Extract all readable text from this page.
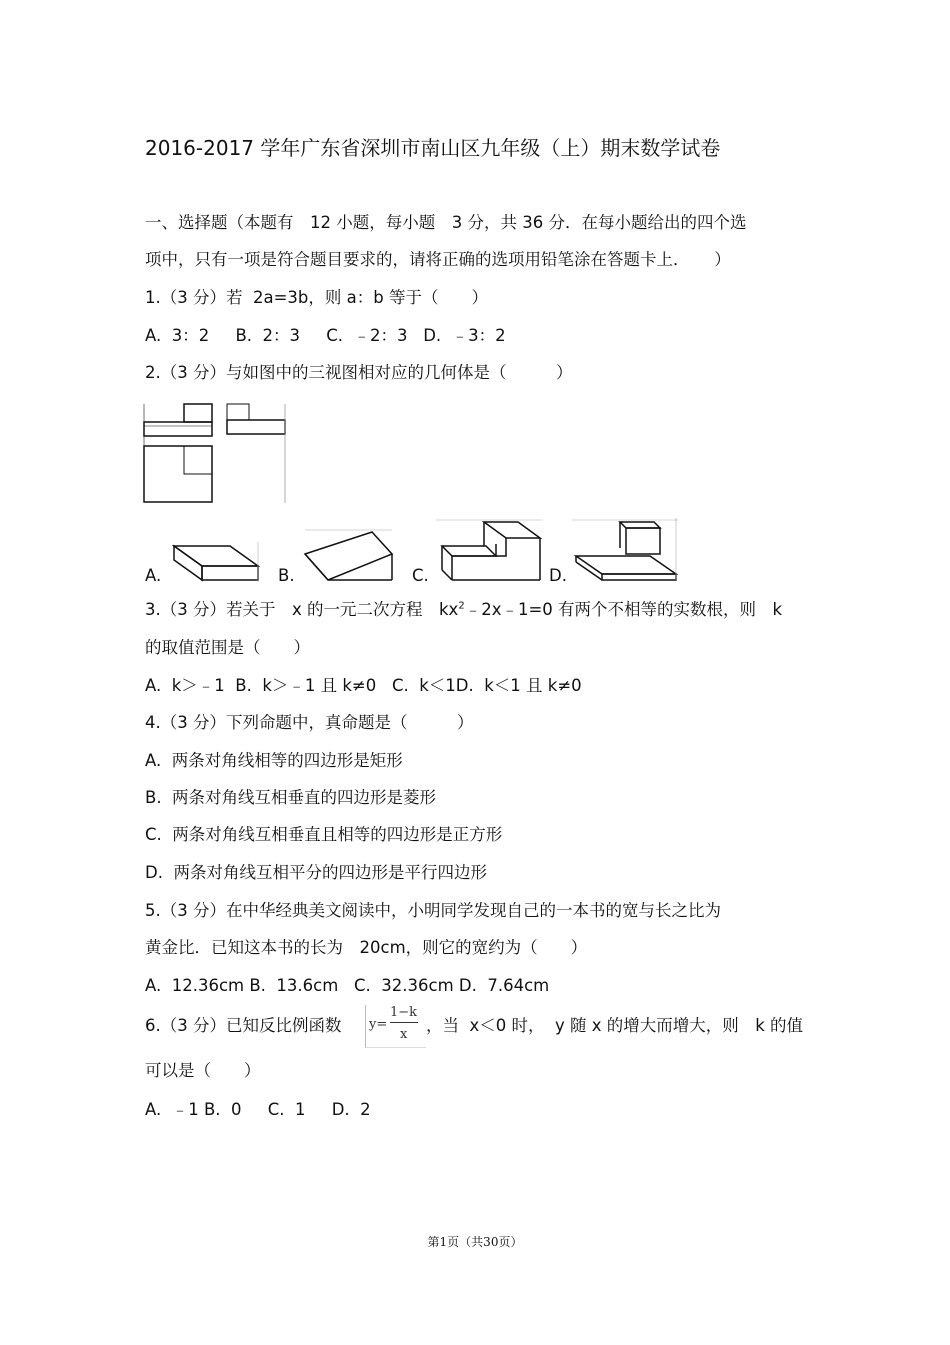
2016-2017 学年广东省深圳市南山区九年级（上）期末数学试卷
一、选择题（本题有　12 小题，每小题　3 分，共 36 分．在每小题给出的四个选
项中，只有一项是符合题目要求的，请将正确的选项用铅笔涂在答题卡上．　　）
1.（3 分）若  2a=3b，则 a：b 等于（　　）
A.  3：2     B.  2：3     C.  ﹣2：3   D.  ﹣3：2
2.（3 分）与如图中的三视图相对应的几何体是（　　　）
A.	B.	C.	D.
3.（3 分）若关于　x 的一元二次方程　$kx^2﹣2x﹣1=0$ 有两个不相等的实数根，则　k
的取值范围是（　　）
A.  k＞﹣1  B.  k＞﹣1 且 k≠0   C.  k＜1D.  k＜1 且 k≠0
4.（3 分）下列命题中，真命题是（　　　）
A.  两条对角线相等的四边形是矩形
B.  两条对角线互相垂直的四边形是菱形
C.  两条对角线互相垂直且相等的四边形是正方形
D.  两条对角线互相平分的四边形是平行四边形
5.（3 分）在中华经典美文阅读中，小明同学发现自己的一本书的宽与长之比为
黄金比．已知这本书的长为　20cm，则它的宽约为（　　）
A.  12.36cm B.  13.6cm   C.  32.36cm D.  7.64cm
6.（3 分）已知反比例函数 y=
1−k
x ，当  x＜0 时，  y 随 x 的增大而增大，则　k 的值
可以是（　　）
A.  ﹣1 B.  0     C.  1     D.  2
第1页（共30页）
